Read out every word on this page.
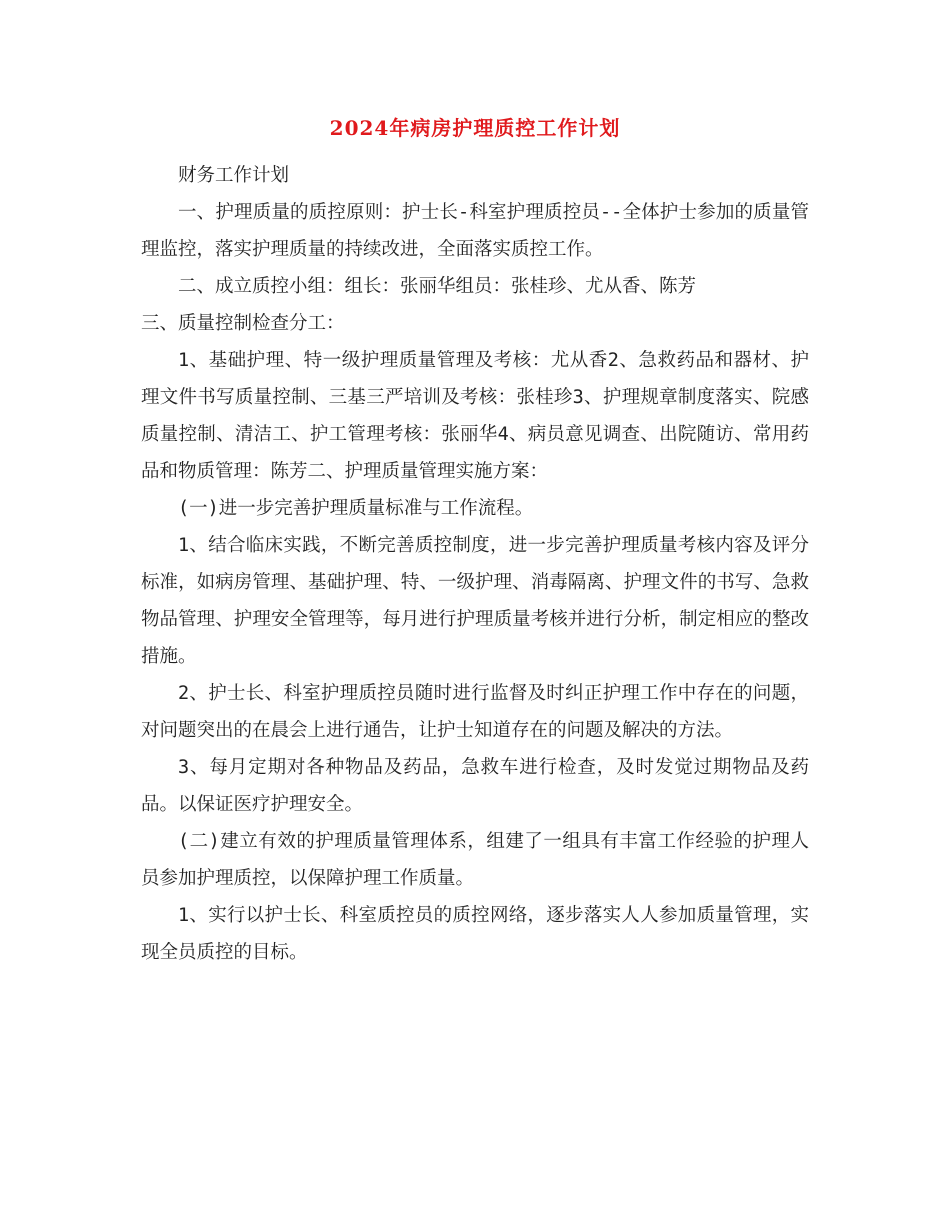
2024年病房护理质控工作计划

财务工作计划

一、护理质量的质控原则：护士长-科室护理质控员--全体护士参加的质量管理监控，落实护理质量的持续改进，全面落实质控工作。

二、成立质控小组：组长：张丽华组员：张桂珍、尤从香、陈芳

三、质量控制检查分工：

1、基础护理、特一级护理质量管理及考核：尤从香2、急救药品和器材、护理文件书写质量控制、三基三严培训及考核：张桂珍3、护理规章制度落实、院感质量控制、清洁工、护工管理考核：张丽华4、病员意见调查、出院随访、常用药品和物质管理：陈芳二、护理质量管理实施方案：

(一)进一步完善护理质量标准与工作流程。

1、结合临床实践，不断完善质控制度，进一步完善护理质量考核内容及评分标准，如病房管理、基础护理、特、一级护理、消毒隔离、护理文件的书写、急救物品管理、护理安全管理等，每月进行护理质量考核并进行分析，制定相应的整改措施。

2、护士长、科室护理质控员随时进行监督及时纠正护理工作中存在的问题，对问题突出的在晨会上进行通告，让护士知道存在的问题及解决的方法。

3、每月定期对各种物品及药品，急救车进行检查，及时发觉过期物品及药品。以保证医疗护理安全。

(二)建立有效的护理质量管理体系，组建了一组具有丰富工作经验的护理人员参加护理质控，以保障护理工作质量。

1、实行以护士长、科室质控员的质控网络，逐步落实人人参加质量管理，实现全员质控的目标。
